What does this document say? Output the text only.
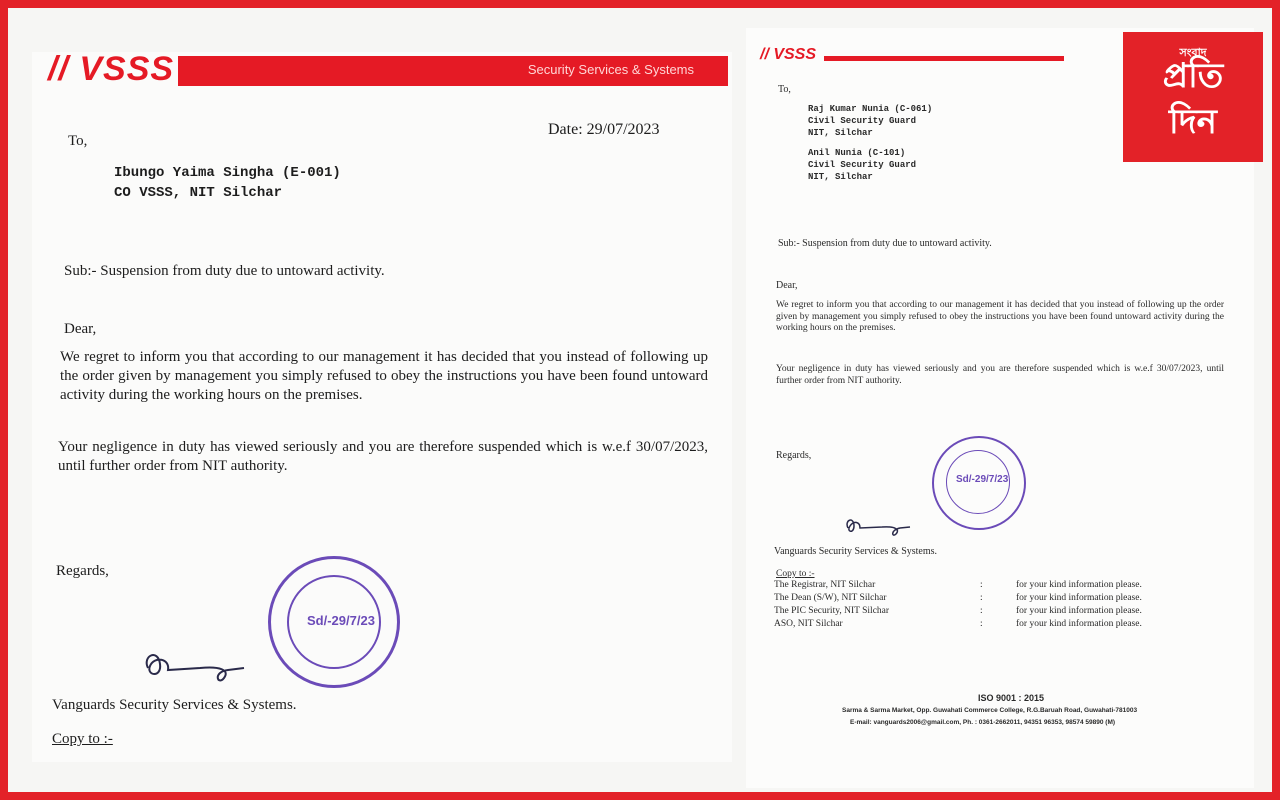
// VSSS	Security Services & Systems
Date: 29/07/2023
To,
Ibungo Yaima Singha (E-001)
CO VSSS, NIT Silchar
Sub:- Suspension from duty due to untoward activity.
Dear,
We regret to inform you that according to our management it has decided that you instead of following up the order given by management you simply refused to obey the instructions you have been found untoward activity during the working hours on the premises.
Your negligence in duty has viewed seriously and you are therefore suspended which is w.e.f 30/07/2023, until further order from NIT authority.
Regards,
Sd/-29/7/23
Vanguards Security Services & Systems.
Copy to :-
// VSSS
To,
Raj Kumar Nunia (C-061)
Civil Security Guard
NIT, Silchar
Anil Nunia (C-101)
Civil Security Guard
NIT, Silchar
Sub:- Suspension from duty due to untoward activity.
Dear,
We regret to inform you that according to our management it has decided that you instead of following up the order given by management you simply refused to obey the instructions you have been found untoward activity during the working hours on the premises.
Your negligence in duty has viewed seriously and you are therefore suspended which is w.e.f 30/07/2023, until further order from NIT authority.
Regards,
Sd/-29/7/23
Vanguards Security Services & Systems.
Copy to :-
The Registrar, NIT Silchar	:	for your kind information please.
The Dean (S/W), NIT Silchar	:	for your kind information please.
The PIC Security, NIT Silchar	:	for your kind information please.
ASO, NIT Silchar	:	for your kind information please.
ISO 9001 : 2015
Sarma & Sarma Market, Opp. Guwahati Commerce College, R.G.Baruah Road, Guwahati-781003
E-mail: vanguards2006@gmail.com, Ph. : 0361-2662011, 94351 96353, 98574 59890 (M)
সংবাদ
প্রতি
দিন
